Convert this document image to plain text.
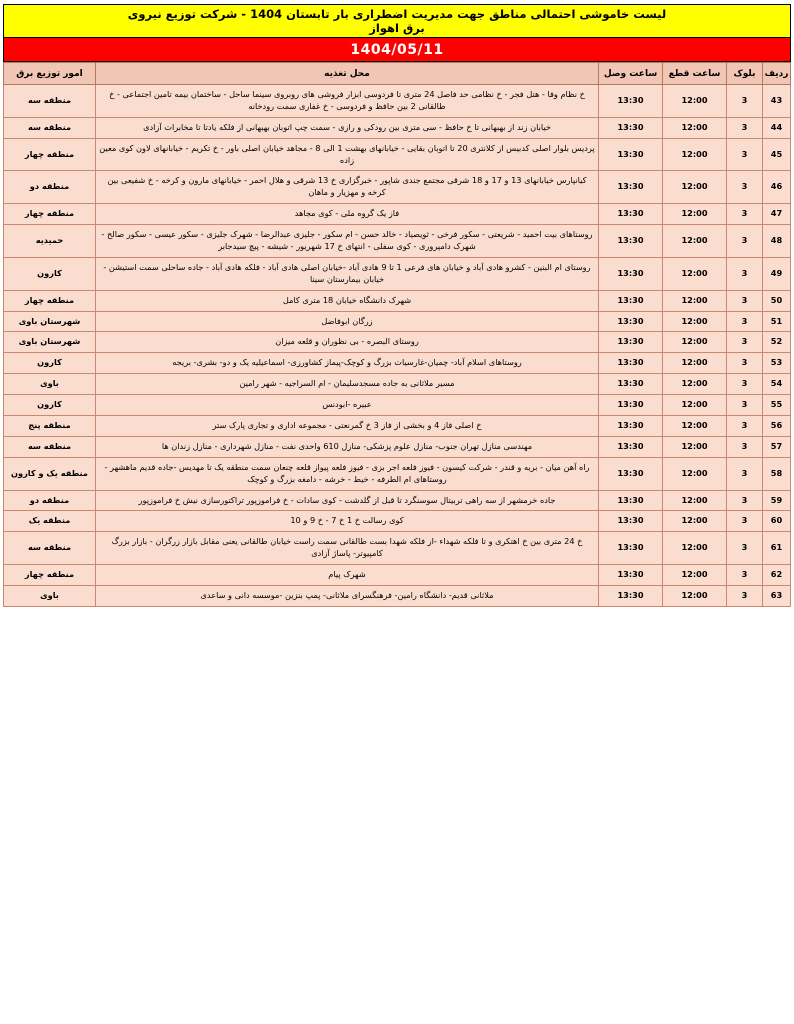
لیست خاموشی احتمالی مناطق جهت مدیریت اضطراری بار تابستان 1404 - شرکت توزیع نیروی برق اهواز
1404/05/11
ردیف	بلوک	ساعت قطع	ساعت وصل	محل تغذیه	امور توزیع برق
43	3	12:00	13:30	خ نظام وفا - هتل فجر - خ نظامی حد فاصل 24 متری تا فردوسی ابزار فروشی های روبروی سینما ساحل - ساختمان بیمه تامین اجتماعی - خ طالقانی 2 بین حافظ و فردوسی - خ غفاری سمت رودخانه	منطقه سه
44	3	12:00	13:30	خیابان زند از بهبهانی تا خ حافظ - سی متری بین رودکی و رازی - سمت چپ اتوبان بهبهانی از فلکه یادتا تا مخابرات آزادی	منطقه سه
45	3	12:00	13:30	پردیس بلوار اصلی کدبیس از کلانتری 20 تا اتوبان بقایی - خیابانهای بهشت 1 الی 8 - مجاهد خیابان اصلی باور - خ تکریم - خیابانهای لاون کوی معین زاده	منطقه چهار
46	3	12:00	13:30	کیانپارس خیابانهای 13 و 17 و 18 شرقی مجتمع جندی شاپور - خبرگزاری خ 13 شرقی و هلال احمر - خیابانهای مارون و کرخه - خ شفیعی بین کرخه و مهزیار و ماهان	منطقه دو
47	3	12:00	13:30	فاز یک گروه ملی - کوی مجاهد	منطقه چهار
48	3	12:00	13:30	روستاهای بیت احمید - شریعتی - سکور فرخی - ثویصیاد - خالد حسن - ام سکور - جلیزی عبدالرضا - شهرک جلیزی - سکور عیسی - سکور صالح - شهرک دامپروری - کوی سفلی - انتهای خ 17 شهریور - شیشه - پیچ سیدجابر	حمیدیه
49	3	12:00	13:30	روستای ام البنین - کشرو هادی آباد و خیابان های فرعی 1 تا 9 هادی آباد -خیابان اصلی هادی آباد - فلکه هادی آباد - جاده ساحلی سمت استیشن - خیابان بیمارستان سینا	کارون
50	3	12:00	13:30	شهرک دانشگاه خیابان 18 متری کامل	منطقه چهار
51	3	12:00	13:30	زرگان ابوفاضل	شهرستان باوی
52	3	12:00	13:30	روستای البصره - بی نظوران و قلعه میزان	شهرستان باوی
53	3	12:00	13:30	روستاهای اسلام آباد- چمیان-غارسیات بزرگ و کوچک-پیماز کشاورزی- اسماعیلیه یک و دو- بشری- بریجه	کارون
54	3	12:00	13:30	مسیر ملاثانی به جاده مسجدسلیمان - ام السراجیه - شهر رامین	باوی
55	3	12:00	13:30	عبیره -ابودنس	کارون
56	3	12:00	13:30	خ اصلی فاز 4 و بخشی از فاز 3 خ گمرنعتی - مجموعه اداری و تجاری پارک ستر	منطقه پنج
57	3	12:00	13:30	مهندسی منازل تهران جنوب- منازل علوم پزشکی- منازل 610 واحدی نفت - منازل شهرداری - منازل زندان ها	منطقه سه
58	3	12:00	13:30	راه آهن میان - بریه و قندر - شرکت کیسون - فیوز فلعه اجر بزی - فیوز فلعه پیواز قلعه چنعان سمت منطقه یک تا مهدیس -جاده قدیم ماهشهر - روستاهای ام الطرفه - خیط - خرشه - دامغه بزرگ و کوچک	منطقه یک و کارون
59	3	12:00	13:30	جاده خرمشهر از سه راهی تربیتال سوسنگرد تا قبل از گلدشت - کوی سادات - خ فراموزپور تراکتورسازی نیش خ فراموزپور	منطقه دو
60	3	12:00	13:30	کوی رسالت خ 1 خ 7 - خ 9 و 10	منطقه یک
61	3	12:00	13:30	خ 24 متری بین خ اهتکری و تا فلکه شهداء -از فلکه شهدا بست طالقانی سمت راست خیابان طالقانی یعنی مقابل بازار زرگران - بازار بزرگ کامپیوتر- پاساژ آزادی	منطقه سه
62	3	12:00	13:30	شهرک پیام	منطقه چهار
63	3	12:00	13:30	ملاثانی قدیم- دانشگاه رامین- فرهنگسرای ملاثانی- پمپ بنزین -موسسه دانی و ساعدی	باوی
